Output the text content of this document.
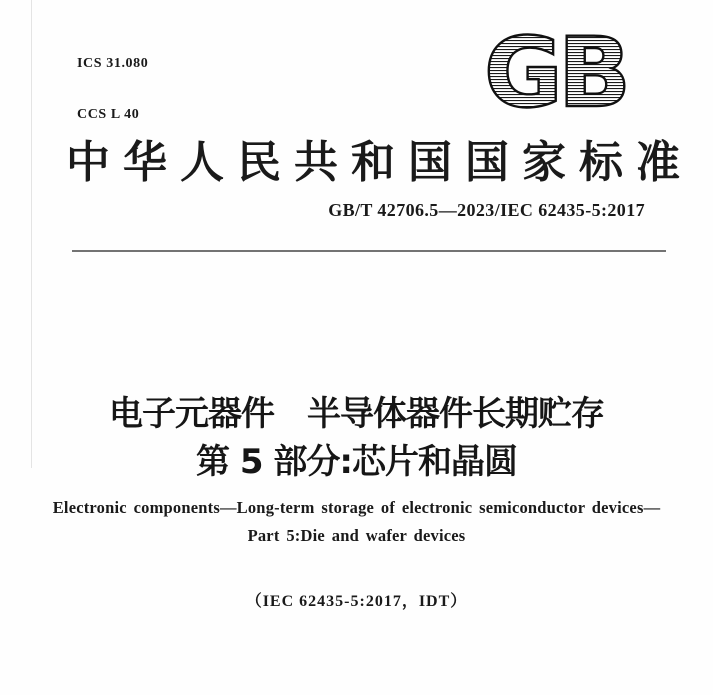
ICS 31.080

CCS L 40

	GB
中华人民共和国国家标准
GB/T 42706.5—2023/IEC 62435-5:2017
电子元器件　半导体器件长期贮存
第 5 部分:芯片和晶圆
Electronic components—Long-term storage of electronic semiconductor devices—
Part 5:Die and wafer devices
（IEC 62435-5:2017，IDT）
